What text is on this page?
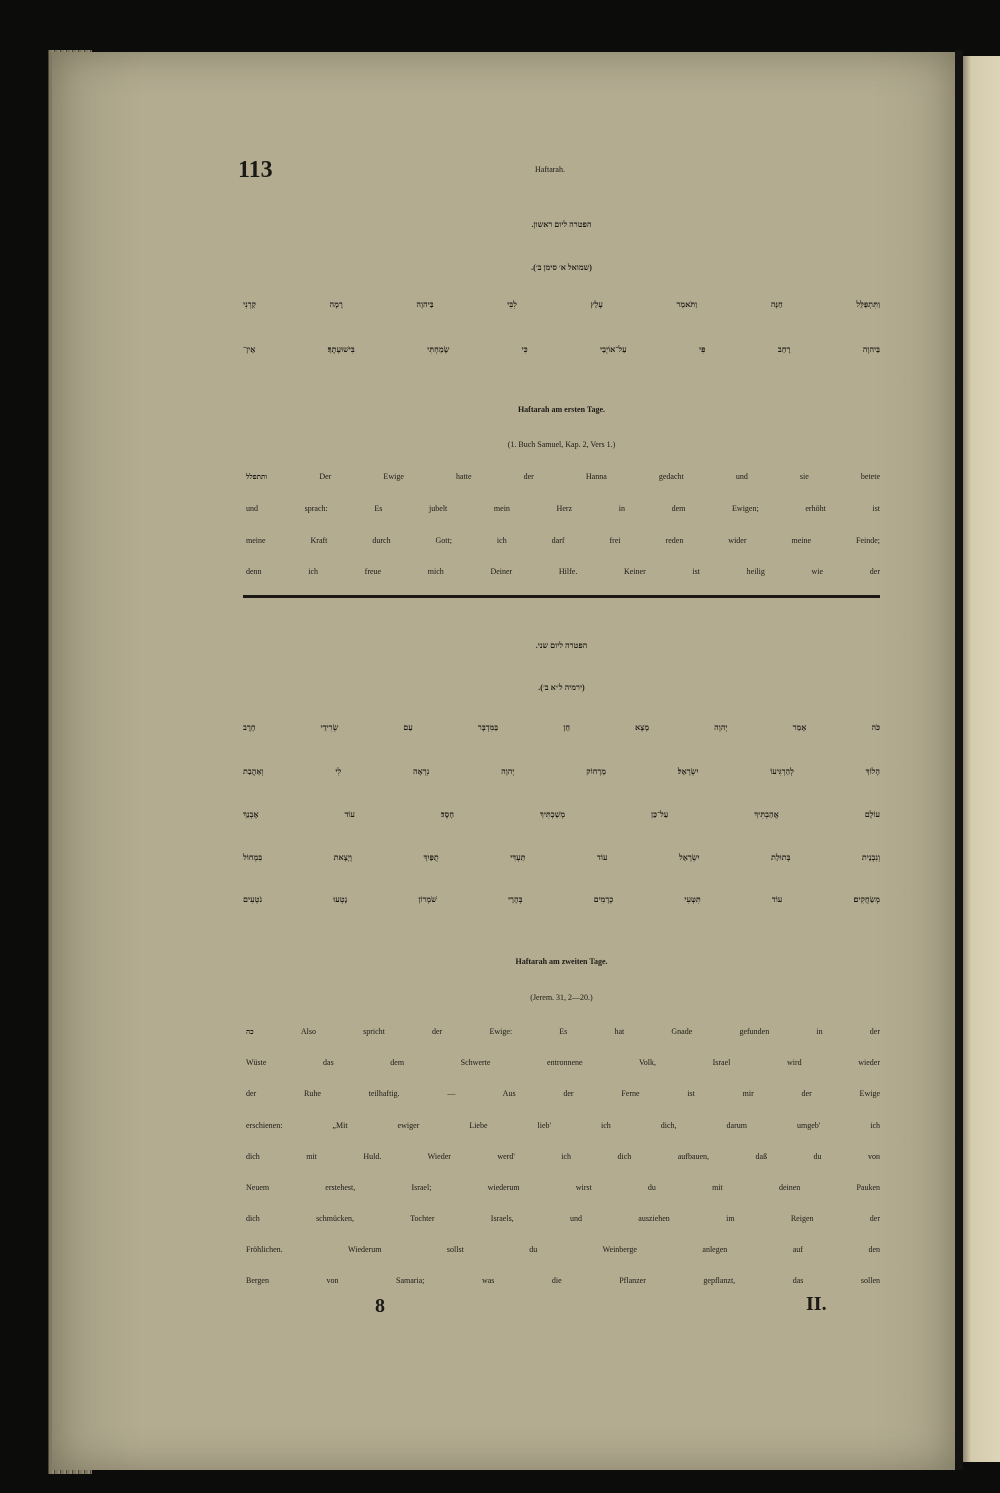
113	Haftarah.
הפטרה ליום ראשון.
(שמואל א׳ סימן ב׳).
וַתִּתְפַּלֵּל חַנָּה וַתֹּאמַר עָלַץ לִבִּי בַּיהוָה רָמָה קַרְנִי
בַּיהוָה רָחַב פִּי עַל־אוֹיְבַי כִּי שָׂמַחְתִּי בִּישׁוּעָתֶךָ׃ אֵין־
Haftarah am ersten Tage.
(1. Buch Samuel, Kap. 2, Vers 1.)
ותתפלל	Der Ewige hatte der Hanna gedacht und sie betete
und sprach: Es jubelt mein Herz in dem Ewigen; erhöht ist
meine Kraft durch Gott; ich darf frei reden wider meine Feinde;
denn ich freue mich Deiner Hilfe. Keiner ist heilig wie der
הפטרה ליום שני.
(ירמיה ל״א ב׳).
כֹּה אָמַר יְהוָה מָצָא חֵן בַּמִּדְבָּר עַם שְׂרִידֵי חָרֶב
הָלוֹךְ לְהַרְגִּיעוֹ יִשְׂרָאֵל׃ מֵרָחוֹק יְהוָה נִרְאָה לִי וְאַהֲבַת
עוֹלָם אֲהַבְתִּיךְ עַל־כֵּן מְשַׁכְתִּיךְ חָסֶד׃ עוֹד אֶבְנֵךְ
וְנִבְנֵית בְּתוּלַת יִשְׂרָאֵל עוֹד תַּעְדִּי תֻפַּיִךְ וְיָצָאת בִּמְחוֹל
מְשַׂחֲקִים׃ עוֹד תִּטְּעִי כְרָמִים בְּהָרֵי שֹׁמְרוֹן נָטְעוּ נֹטְעִים
Haftarah am zweiten Tage.
(Jerem. 31, 2—20.)
כה	Also spricht der Ewige: Es hat Gnade gefunden in der
Wüste das dem Schwerte entronnene Volk, Israel wird wieder
der Ruhe teilhaftig. — Aus der Ferne ist mir der Ewige
erschienen: „Mit ewiger Liebe lieb' ich dich, darum umgeb' ich
dich mit Huld. Wieder werd' ich dich aufbauen, daß du von
Neuem erstehest, Israel; wiederum wirst du mit deinen Pauken
dich schmücken, Tochter Israels, und ausziehen im Reigen der
Fröhlichen. Wiederum sollst du Weinberge anlegen auf den
Bergen von Samaria; was die Pflanzer gepflanzt, das sollen
8	II.
